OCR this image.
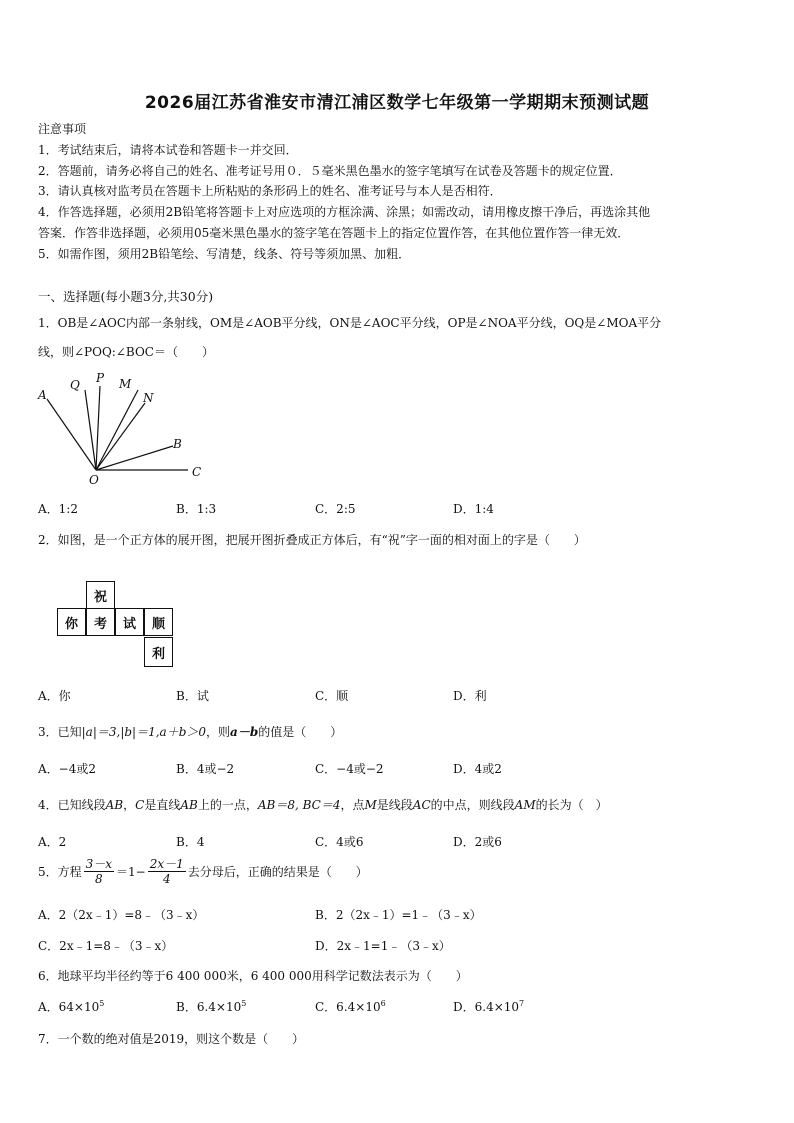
2026届江苏省淮安市清江浦区数学七年级第一学期期末预测试题
注意事项
1．考试结束后，请将本试卷和答题卡一并交回．
2．答题前，请务必将自己的姓名、准考证号用０．５毫米黑色墨水的签字笔填写在试卷及答题卡的规定位置．
3．请认真核对监考员在答题卡上所粘贴的条形码上的姓名、准考证号与本人是否相符．
4．作答选择题，必须用2B铅笔将答题卡上对应选项的方框涂满、涂黑；如需改动，请用橡皮擦干净后，再选涂其他
答案．作答非选择题，必须用05毫米黑色墨水的签字笔在答题卡上的指定位置作答，在其他位置作答一律无效．
5．如需作图，须用2B铅笔绘、写清楚，线条、符号等须加黑、加粗．
一、选择题(每小题3分,共30分)
1．OB是∠AOC内部一条射线，OM是∠AOB平分线，ON是∠AOC平分线，OP是∠NOA平分线，OQ是∠MOA平分
线，则∠POQ:∠BOC＝（　　）
A
Q P M
N
B
C
O
A．1:2	B．1:3	C．2:5	D．1:4
2．如图，是一个正方体的展开图，把展开图折叠成正方体后，有“祝”字一面的相对面上的字是（　　）
祝
你	考	试	顺
利
A．你	B．试	C．顺	D．利
3．已知|a|＝3,|b|＝1,a＋b＞0，则a－b的值是（　　）
A．−4或2	B．4或−2	C．−4或−2	D．4或2
4．已知线段AB，C是直线AB上的一点，AB＝8, BC＝4，点M是线段AC的中点，则线段AM的长为（　）
A．2	B．4	C．4或6	D．2或6
5．方程 $\frac{3-x}{8} =1- \frac{2x-1}{4}$ 去分母后，正确的结果是（　　）
A．2（2x﹣1）=8﹣（3﹣x）	B．2（2x﹣1）=1﹣（3﹣x）
C．2x﹣1=8﹣（3﹣x）	D．2x﹣1=1﹣（3﹣x）
6．地球平均半径约等于6 400 000米，6 400 000用科学记数法表示为（　　）
A．$64\times 10^5$	B．$6.4\times 10^5$	C．$6.4\times 10^6$	D．$6.4\times 10^7$
7．一个数的绝对值是2019，则这个数是（　　）
